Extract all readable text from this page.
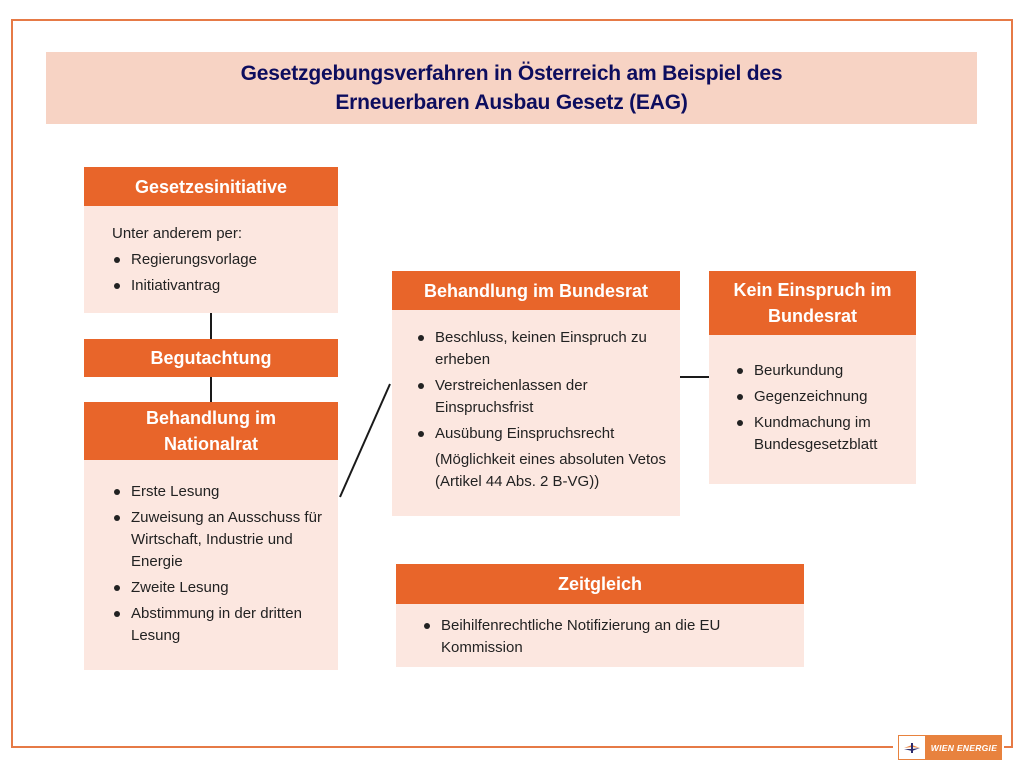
Gesetzgebungsverfahren in Österreich am Beispiel des
Erneuerbaren Ausbau Gesetz (EAG)
Gesetzesinitiative
Unter anderem per:
Regierungsvorlage
Initiativantrag
Begutachtung
Behandlung im
Nationalrat
Erste Lesung
Zuweisung an Ausschuss für Wirtschaft, Industrie und Energie
Zweite Lesung
Abstimmung in der dritten Lesung
Behandlung im Bundesrat
Beschluss, keinen Einspruch zu erheben
Verstreichenlassen der Einspruchsfrist
Ausübung Einspruchsrecht
(Möglichkeit eines absoluten Vetos (Artikel 44 Abs. 2 B-VG))
Kein Einspruch im
Bundesrat
Beurkundung
Gegenzeichnung
Kundmachung im Bundesgesetzblatt
Zeitgleich
Beihilfenrechtliche Notifizierung an die EU Kommission
WIEN ENERGIE
